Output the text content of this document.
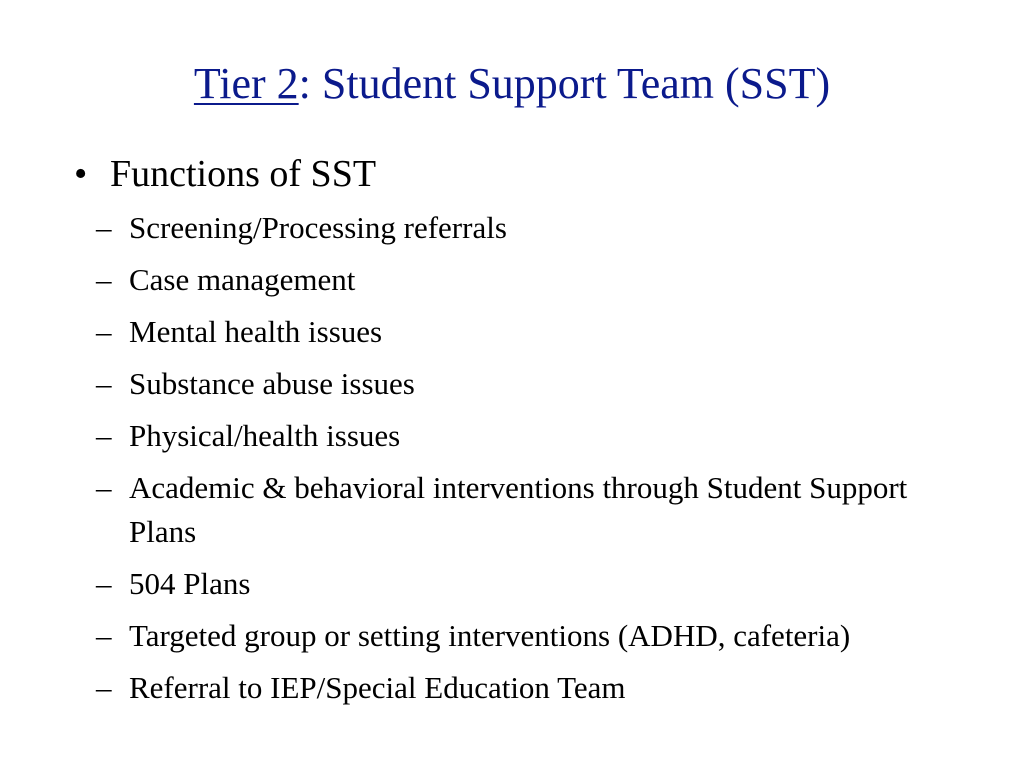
Tier 2: Student Support Team (SST)
• Functions of SST
– Screening/Processing referrals
– Case management
– Mental health issues
– Substance abuse issues
– Physical/health issues
– Academic & behavioral interventions through Student Support Plans
– 504 Plans
– Targeted group or setting interventions (ADHD, cafeteria)
– Referral to IEP/Special Education Team
